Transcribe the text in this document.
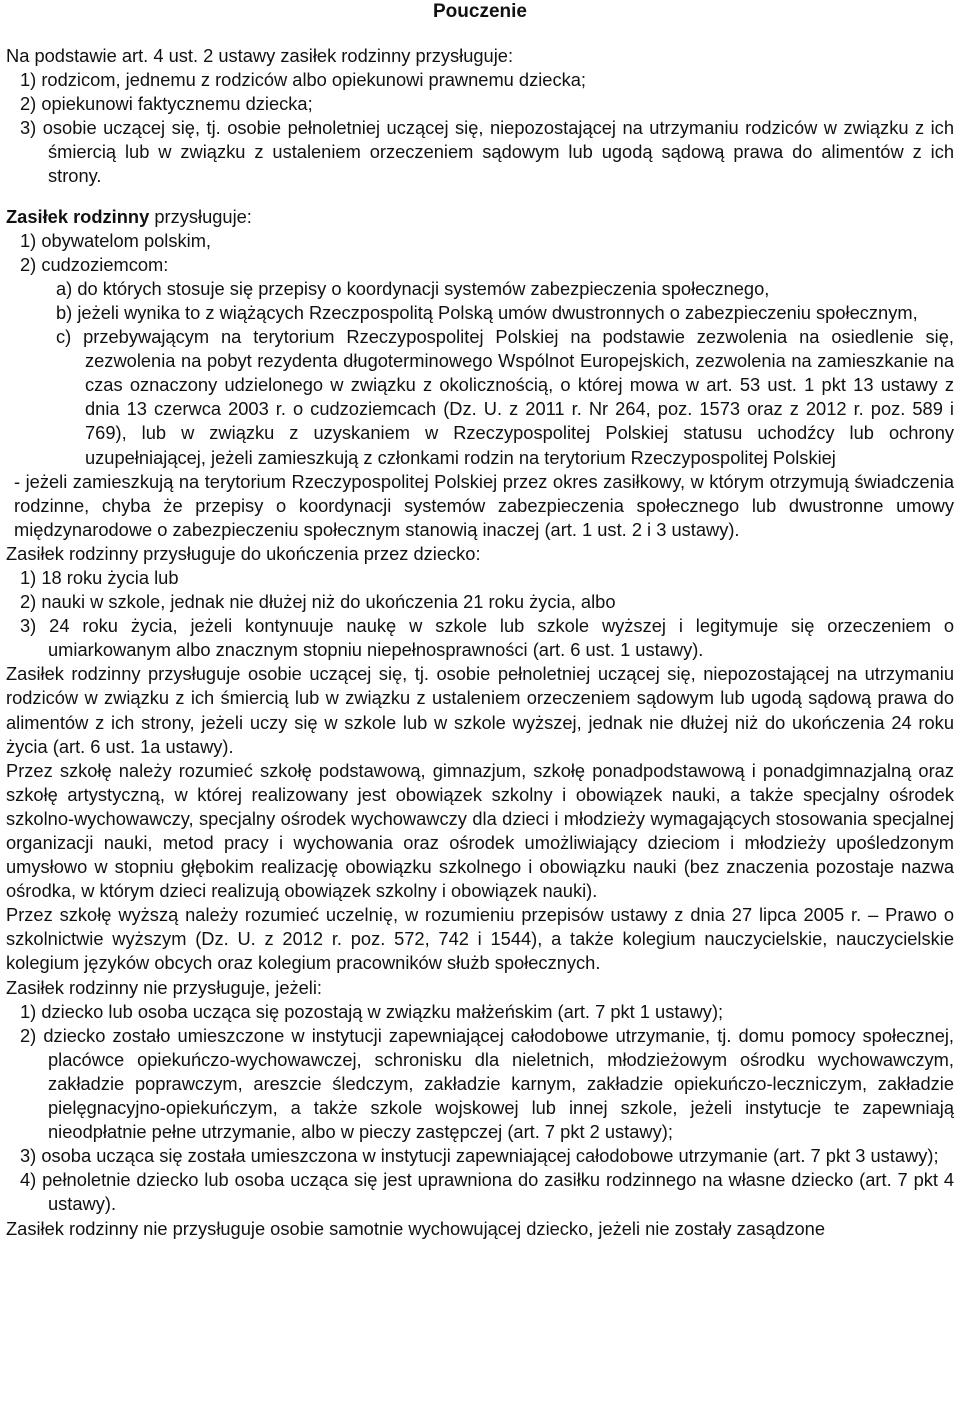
Pouczenie

Na podstawie art. 4 ust. 2 ustawy zasiłek rodzinny przysługuje:

1) rodzicom, jednemu z rodziców albo opiekunowi prawnemu dziecka;

2) opiekunowi faktycznemu dziecka;

3) osobie uczącej się, tj. osobie pełnoletniej uczącej się, niepozostającej na utrzymaniu rodziców w związku z ich śmiercią lub w związku z ustaleniem orzeczeniem sądowym lub ugodą sądową prawa do alimentów z ich strony.

Zasiłek rodzinny przysługuje:

1) obywatelom polskim,

2) cudzoziemcom:

a) do których stosuje się przepisy o koordynacji systemów zabezpieczenia społecznego,

b) jeżeli wynika to z wiążących Rzeczpospolitą Polską umów dwustronnych o zabezpieczeniu społecznym,

c) przebywającym na terytorium Rzeczypospolitej Polskiej na podstawie zezwolenia na osiedlenie się, zezwolenia na pobyt rezydenta długoterminowego Wspólnot Europejskich, zezwolenia na zamieszkanie na czas oznaczony udzielonego w związku z okolicznością, o której mowa w art. 53 ust. 1 pkt 13 ustawy z dnia 13 czerwca 2003 r. o cudzoziemcach (Dz. U. z 2011 r. Nr 264, poz. 1573 oraz z 2012 r. poz. 589 i 769), lub w związku z uzyskaniem w Rzeczypospolitej Polskiej statusu uchodźcy lub ochrony uzupełniającej, jeżeli zamieszkują z członkami rodzin na terytorium Rzeczypospolitej Polskiej

- jeżeli zamieszkują na terytorium Rzeczypospolitej Polskiej przez okres zasiłkowy, w którym otrzymują świadczenia rodzinne, chyba że przepisy o koordynacji systemów zabezpieczenia społecznego lub dwustronne umowy międzynarodowe o zabezpieczeniu społecznym stanowią inaczej (art. 1 ust. 2 i 3 ustawy).

Zasiłek rodzinny przysługuje do ukończenia przez dziecko:

1) 18 roku życia lub

2) nauki w szkole, jednak nie dłużej niż do ukończenia 21 roku życia, albo

3) 24 roku życia, jeżeli kontynuuje naukę w szkole lub szkole wyższej i legitymuje się orzeczeniem o umiarkowanym albo znacznym stopniu niepełnosprawności (art. 6 ust. 1 ustawy).

Zasiłek rodzinny przysługuje osobie uczącej się, tj. osobie pełnoletniej uczącej się, niepozostającej na utrzymaniu rodziców w związku z ich śmiercią lub w związku z ustaleniem orzeczeniem sądowym lub ugodą sądową prawa do alimentów z ich strony, jeżeli uczy się w szkole lub w szkole wyższej, jednak nie dłużej niż do ukończenia 24 roku życia (art. 6 ust. 1a ustawy).

Przez szkołę należy rozumieć szkołę podstawową, gimnazjum, szkołę ponadpodstawową i ponadgimnazjalną oraz szkołę artystyczną, w której realizowany jest obowiązek szkolny i obowiązek nauki, a także specjalny ośrodek szkolno-wychowawczy, specjalny ośrodek wychowawczy dla dzieci i młodzieży wymagających stosowania specjalnej organizacji nauki, metod pracy i wychowania oraz ośrodek umożliwiający dzieciom i młodzieży upośledzonym umysłowo w stopniu głębokim realizację obowiązku szkolnego i obowiązku nauki (bez znaczenia pozostaje nazwa ośrodka, w którym dzieci realizują obowiązek szkolny i obowiązek nauki).

Przez szkołę wyższą należy rozumieć uczelnię, w rozumieniu przepisów ustawy z dnia 27 lipca 2005 r. – Prawo o szkolnictwie wyższym (Dz. U. z 2012 r. poz. 572, 742 i 1544), a także kolegium nauczycielskie, nauczycielskie kolegium języków obcych oraz kolegium pracowników służb społecznych.

Zasiłek rodzinny nie przysługuje, jeżeli:

1) dziecko lub osoba ucząca się pozostają w związku małżeńskim (art. 7 pkt 1 ustawy);

2) dziecko zostało umieszczone w instytucji zapewniającej całodobowe utrzymanie, tj. domu pomocy społecznej, placówce opiekuńczo-wychowawczej, schronisku dla nieletnich, młodzieżowym ośrodku wychowawczym, zakładzie poprawczym, areszcie śledczym, zakładzie karnym, zakładzie opiekuńczo-leczniczym, zakładzie pielęgnacyjno-opiekuńczym, a także szkole wojskowej lub innej szkole, jeżeli instytucje te zapewniają nieodpłatnie pełne utrzymanie, albo w pieczy zastępczej (art. 7 pkt 2 ustawy);

3) osoba ucząca się została umieszczona w instytucji zapewniającej całodobowe utrzymanie (art. 7 pkt 3 ustawy);

4) pełnoletnie dziecko lub osoba ucząca się jest uprawniona do zasiłku rodzinnego na własne dziecko (art. 7 pkt 4 ustawy).

Zasiłek rodzinny nie przysługuje osobie samotnie wychowującej dziecko, jeżeli nie zostały zasądzone
